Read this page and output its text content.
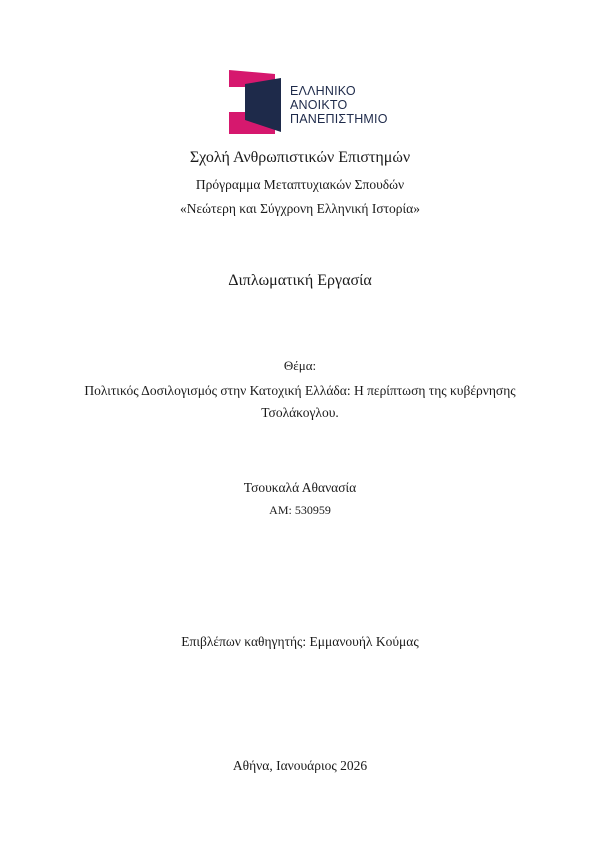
ΕΛΛΗΝΙΚΟ
ΑΝΟΙΚΤΟ
ΠΑΝΕΠΙΣΤΗΜΙΟ
Σχολή Ανθρωπιστικών Επιστημών
Πρόγραμμα Μεταπτυχιακών Σπουδών
«Νεώτερη και Σύγχρονη Ελληνική Ιστορία»
Διπλωματική Εργασία
Θέμα:
Πολιτικός Δοσιλογισμός στην Κατοχική Ελλάδα: Η περίπτωση της κυβέρνησης
Τσολάκογλου.
Τσουκαλά Αθανασία
ΑΜ: 530959
Επιβλέπων καθηγητής: Εμμανουήλ Κούμας
Αθήνα, Ιανουάριος 2026
